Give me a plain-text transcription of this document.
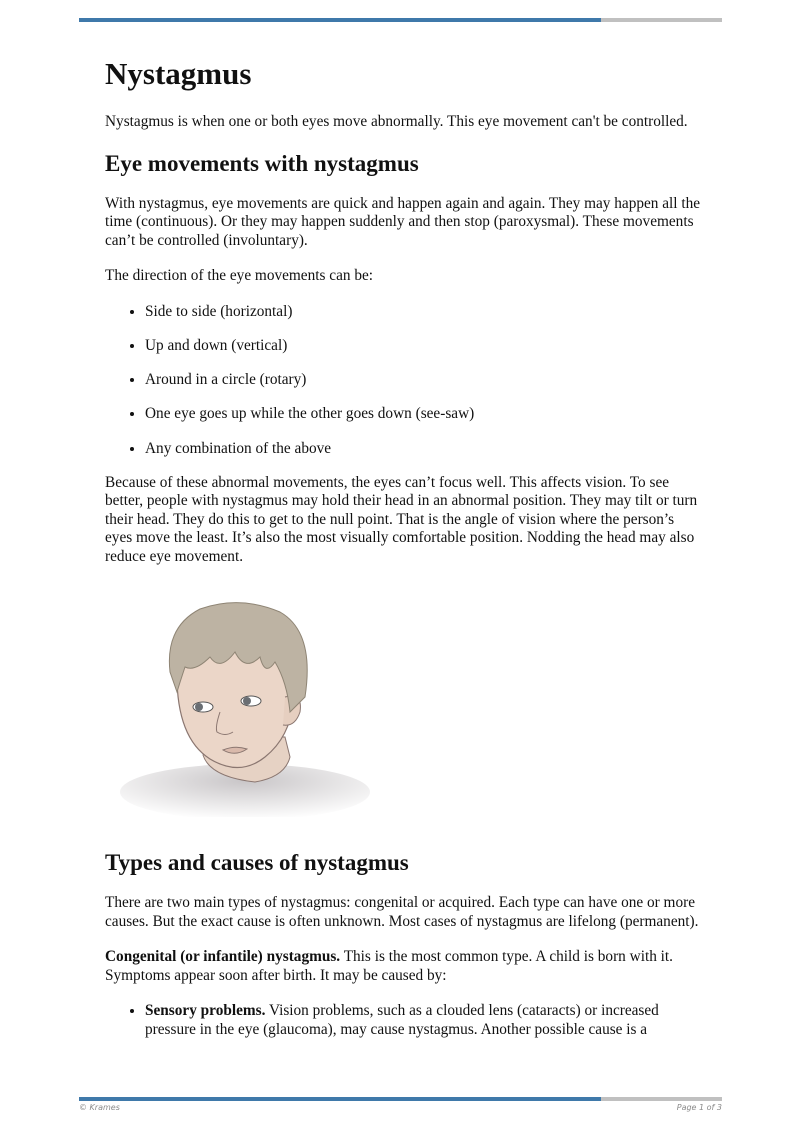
Nystagmus

Nystagmus is when one or both eyes move abnormally. This eye movement can't be controlled.

Eye movements with nystagmus

With nystagmus, eye movements are quick and happen again and again. They may happen all the time (continuous). Or they may happen suddenly and then stop (paroxysmal). These movements can’t be controlled (involuntary).

The direction of the eye movements can be:

• Side to side (horizontal)
• Up and down (vertical)
• Around in a circle (rotary)
• One eye goes up while the other goes down (see-saw)
• Any combination of the above

Because of these abnormal movements, the eyes can’t focus well. This affects vision. To see better, people with nystagmus may hold their head in an abnormal position. They may tilt or turn their head. They do this to get to the null point. That is the angle of vision where the person’s eyes move the least. It’s also the most visually comfortable position. Nodding the head may also reduce eye movement.

Types and causes of nystagmus

There are two main types of nystagmus: congenital or acquired. Each type can have one or more causes. But the exact cause is often unknown. Most cases of nystagmus are lifelong (permanent).

Congenital (or infantile) nystagmus. This is the most common type. A child is born with it. Symptoms appear soon after birth. It may be caused by:

• Sensory problems. Vision problems, such as a clouded lens (cataracts) or increased pressure in the eye (glaucoma), may cause nystagmus. Another possible cause is a
© Krames	Page 1 of 3
